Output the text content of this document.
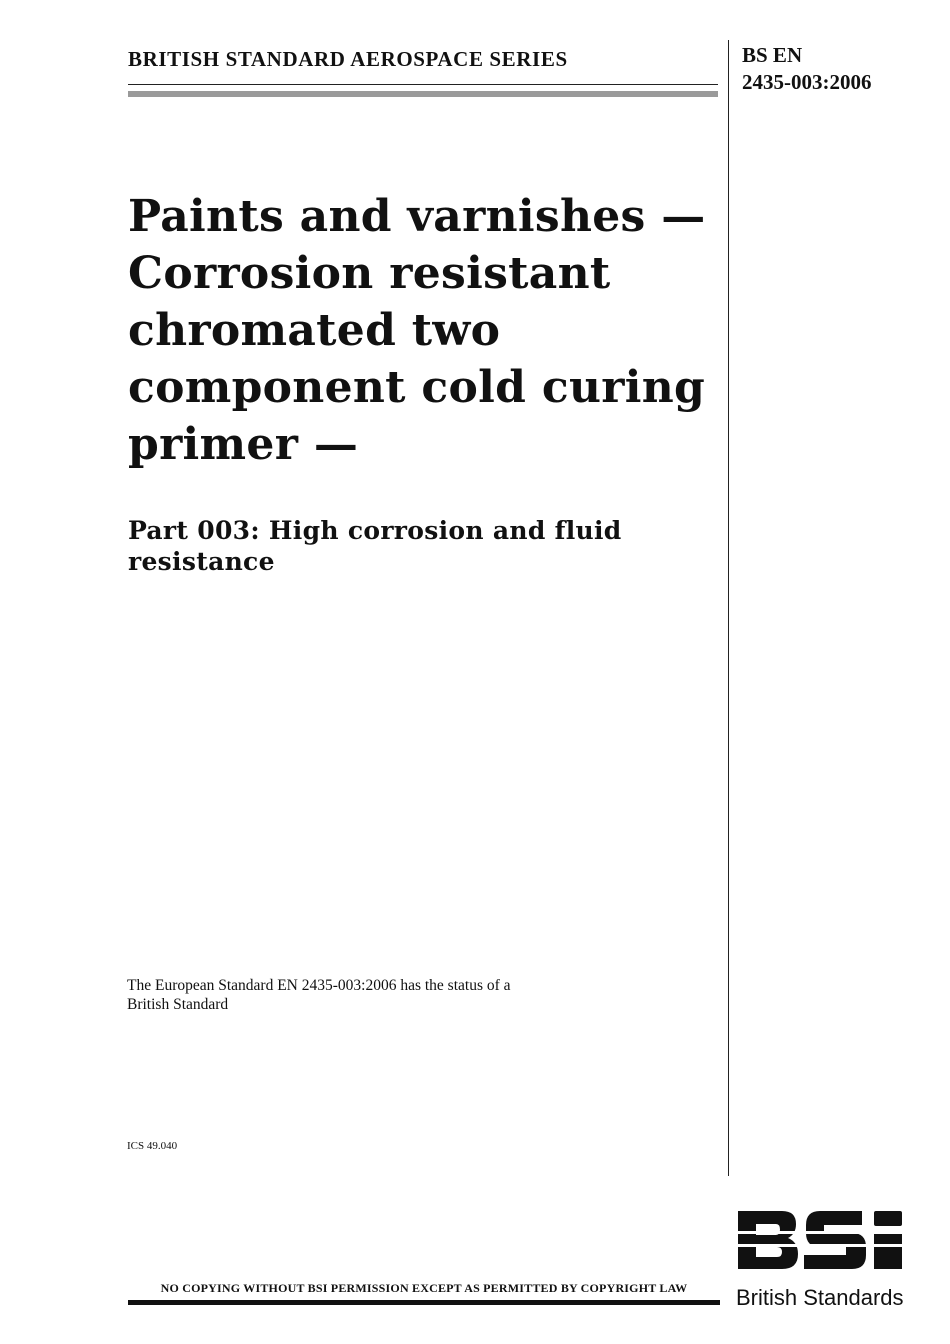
BRITISH STANDARD AEROSPACE SERIES	BS EN
2435-003:2006
Paints and varnishes —
Corrosion resistant
chromated two
component cold curing
primer —
Part 003: High corrosion and fluid
resistance
The European Standard EN 2435-003:2006 has the status of a
British Standard
ICS 49.040
NO COPYING WITHOUT BSI PERMISSION EXCEPT AS PERMITTED BY COPYRIGHT LAW	British Standards
